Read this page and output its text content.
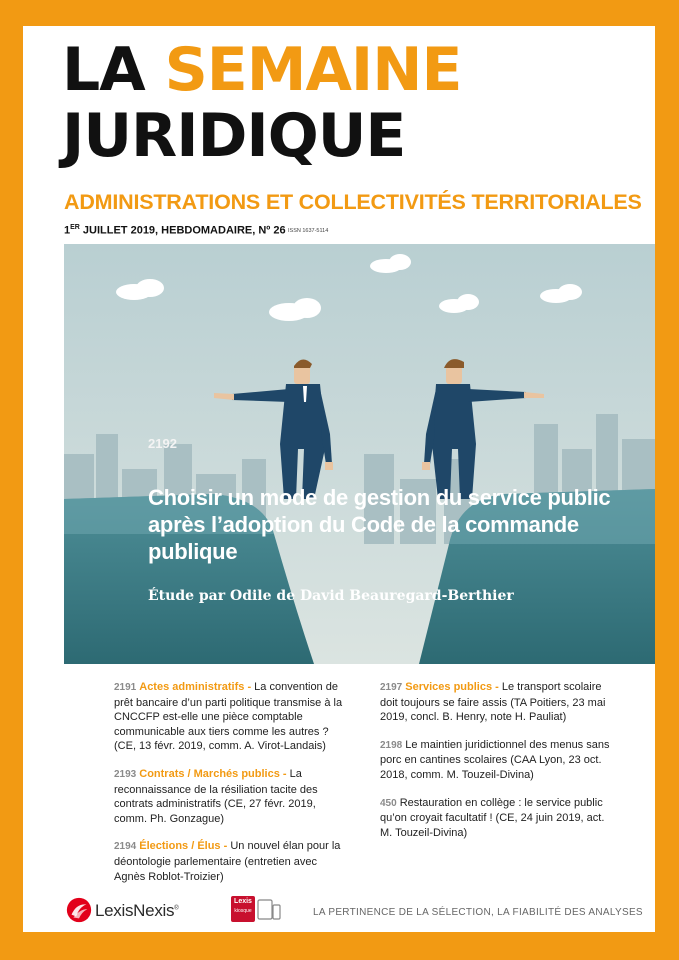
LA SEMAINE
JURIDIQUE
ADMINISTRATIONS ET COLLECTIVITÉS TERRITORIALES
1ER JUILLET 2019, HEBDOMADAIRE, Nº 26 ISSN 1637-5114
2192
Choisir un mode de gestion du service public après l’adoption du Code de la commande publique
Étude par Odile de David Beauregard-Berthier

2191 Actes administratifs - La convention de prêt bancaire d’un parti politique transmise à la CNCCFP est-elle une pièce comptable communicable aux tiers comme les autres ? (CE, 13 févr. 2019, comm. A. Virot-Landais)

2193 Contrats / Marchés publics - La reconnaissance de la résiliation tacite des contrats administratifs (CE, 27 févr. 2019, comm. Ph. Gonzague)

2194 Élections / Élus - Un nouvel élan pour la déontologie parlementaire (entretien avec Agnès Roblot-Troizier)

2197 Services publics - Le transport scolaire doit toujours se faire assis (TA Poitiers, 23 mai 2019, concl. B. Henry, note H. Pauliat)

2198 Le maintien juridictionnel des menus sans porc en cantines scolaires (CAA Lyon, 23 oct. 2018, comm. M. Touzeil-Divina)

450 Restauration en collège : le service public qu’on croyait facultatif ! (CE, 24 juin 2019, act. M. Touzeil-Divina)

LexisNexis®
Lexis
kiosque	LA PERTINENCE DE LA SÉLECTION, LA FIABILITÉ DES ANALYSES
